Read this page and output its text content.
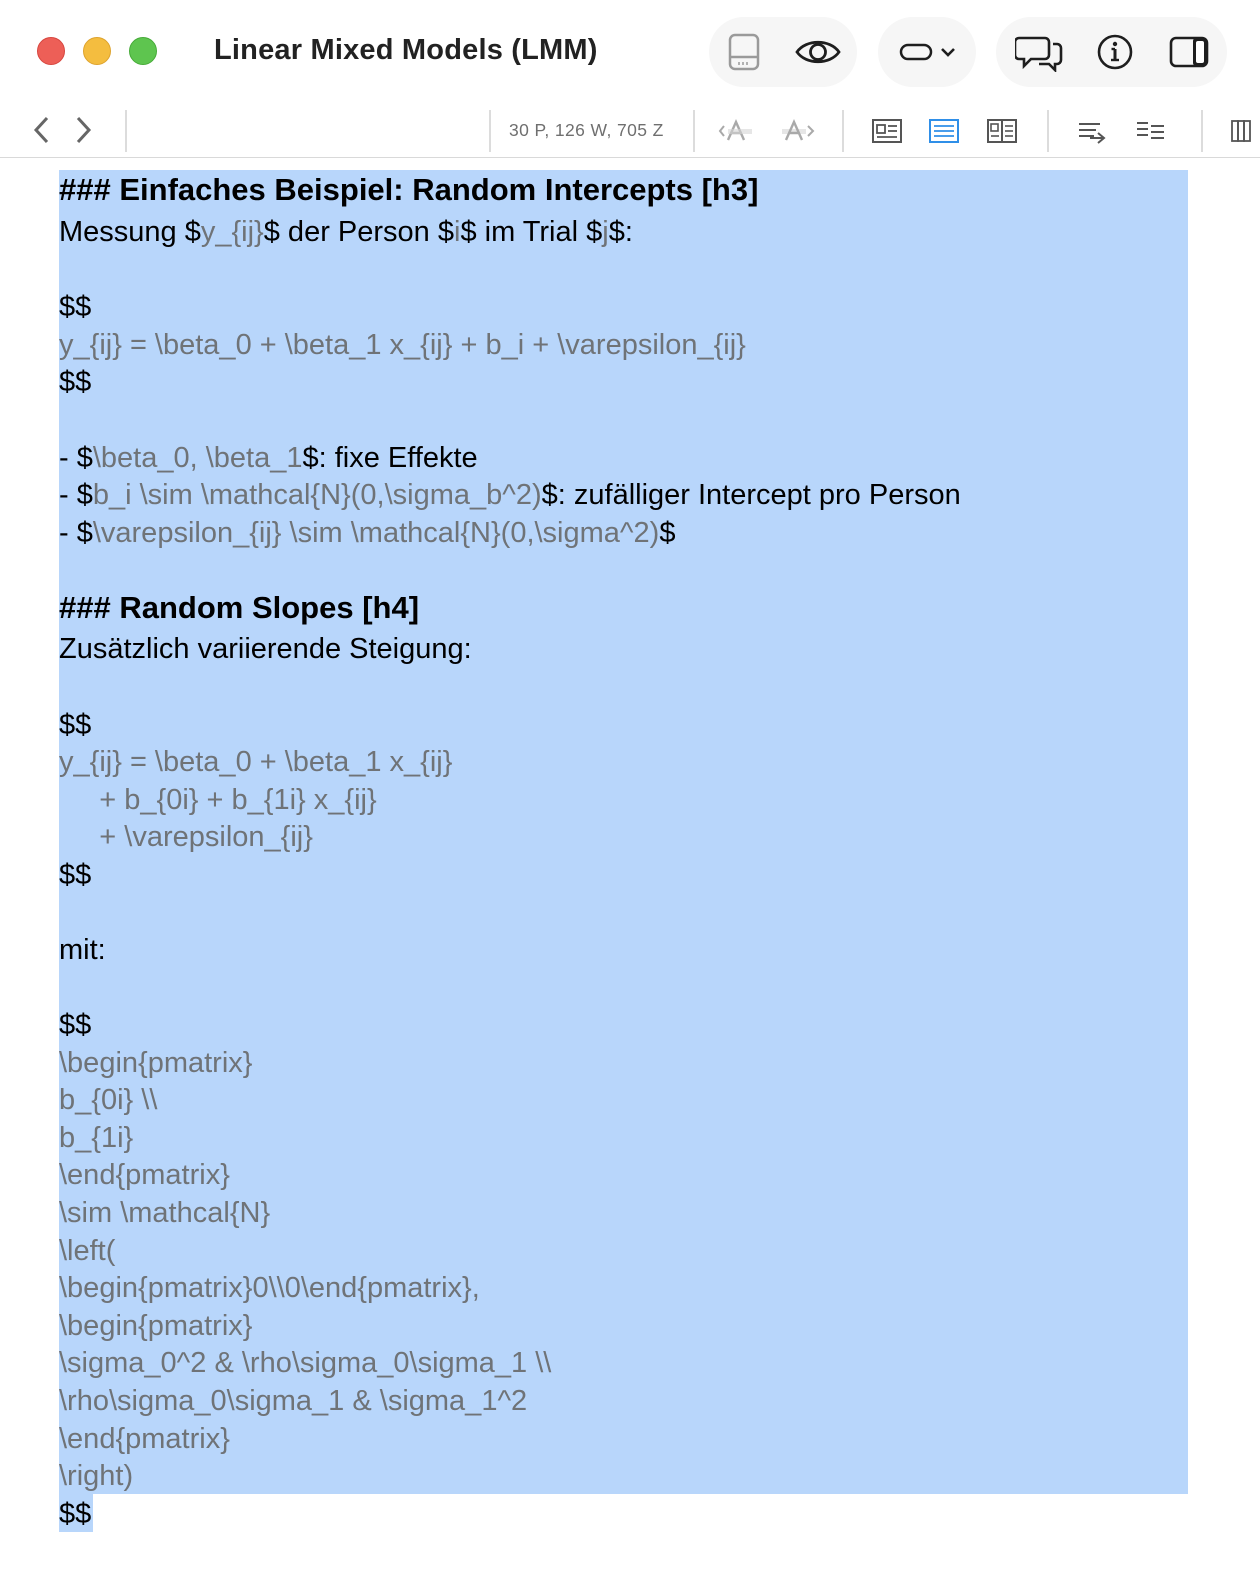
Linear Mixed Models (LMM)
30 P, 126 W, 705 Z
### Einfaches Beispiel: Random Intercepts [h3]
Messung $y_{ij}$ der Person $i$ im Trial $j$:
$$
y_{ij} = \beta_0 + \beta_1 x_{ij} + b_i + \varepsilon_{ij}
$$
- $\beta_0, \beta_1$: fixe Effekte
- $b_i \sim \mathcal{N}(0,\sigma_b^2)$: zufälliger Intercept pro Person
- $\varepsilon_{ij} \sim \mathcal{N}(0,\sigma^2)$
### Random Slopes [h4]
Zusätzlich variierende Steigung:
$$
y_{ij} = \beta_0 + \beta_1 x_{ij}
+ b_{0i} + b_{1i} x_{ij}
+ \varepsilon_{ij}
$$
mit:
$$
\begin{pmatrix}
b_{0i} \\
b_{1i}
\end{pmatrix}
\sim \mathcal{N}
\left(
\begin{pmatrix}0\\0\end{pmatrix},
\begin{pmatrix}
\sigma_0^2 & \rho\sigma_0\sigma_1 \\
\rho\sigma_0\sigma_1 & \sigma_1^2
\end{pmatrix}
\right)
$$
